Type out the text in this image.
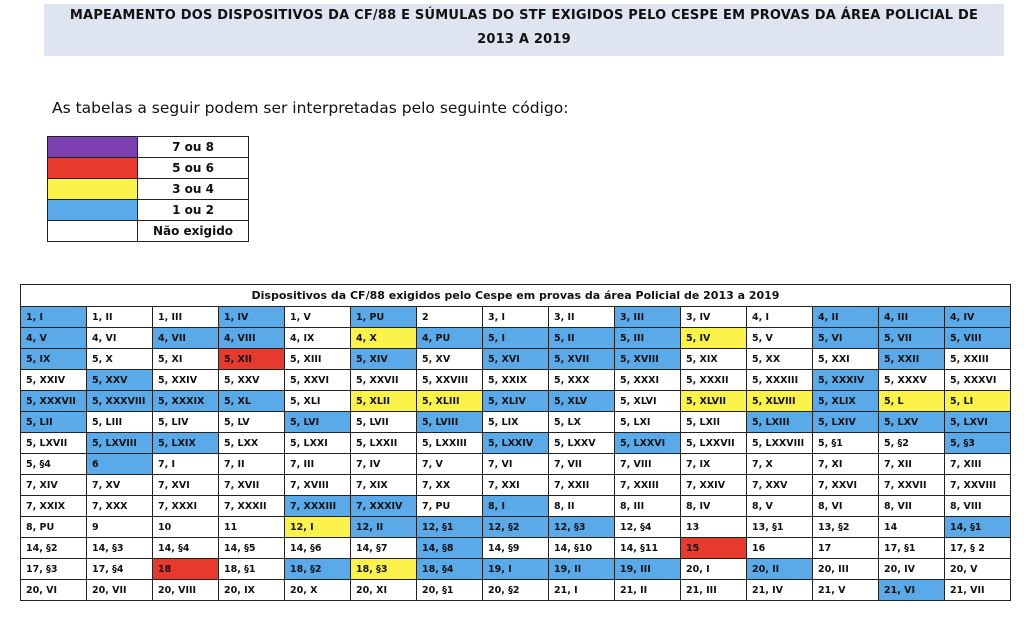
MAPEAMENTO DOS DISPOSITIVOS DA CF/88 E SÚMULAS DO STF EXIGIDOS PELO CESPE EM PROVAS DA ÁREA POLICIAL DE
2013 A 2019
As tabelas a seguir podem ser interpretadas pelo seguinte código:
	7 ou 8
	5 ou 6
	3 ou 4
	1 ou 2
	Não exigido
Dispositivos da CF/88 exigidos pelo Cespe em provas da área Policial de 2013 a 2019														
1, I	1, II	1, III	1, IV	1, V	1, PU	2	3, I	3, II	3, III	3, IV	4, I	4, II	4, III	4, IV
4, V	4, VI	4, VII	4, VIII	4, IX	4, X	4, PU	5, I	5, II	5, III	5, IV	5, V	5, VI	5, VII	5, VIII
5, IX	5, X	5, XI	5, XII	5, XIII	5, XIV	5, XV	5, XVI	5, XVII	5, XVIII	5, XIX	5, XX	5, XXI	5, XXII	5, XXIII
5, XXIV	5, XXV	5, XXIV	5, XXV	5, XXVI	5, XXVII	5, XXVIII	5, XXIX	5, XXX	5, XXXI	5, XXXII	5, XXXIII	5, XXXIV	5, XXXV	5, XXXVI
5, XXXVII	5, XXXVIII	5, XXXIX	5, XL	5, XLI	5, XLII	5, XLIII	5, XLIV	5, XLV	5, XLVI	5, XLVII	5, XLVIII	5, XLIX	5, L	5, LI
5, LII	5, LIII	5, LIV	5, LV	5, LVI	5, LVII	5, LVIII	5, LIX	5, LX	5, LXI	5, LXII	5, LXIII	5, LXIV	5, LXV	5, LXVI
5, LXVII	5, LXVIII	5, LXIX	5, LXX	5, LXXI	5, LXXII	5, LXXIII	5, LXXIV	5, LXXV	5, LXXVI	5, LXXVII	5, LXXVIII	5, §1	5, §2	5, §3
5, §4	6	7, I	7, II	7, III	7, IV	7, V	7, VI	7, VII	7, VIII	7, IX	7, X	7, XI	7, XII	7, XIII
7, XIV	7, XV	7, XVI	7, XVII	7, XVIII	7, XIX	7, XX	7, XXI	7, XXII	7, XXIII	7, XXIV	7, XXV	7, XXVI	7, XXVII	7, XXVIII
7, XXIX	7, XXX	7, XXXI	7, XXXII	7, XXXIII	7, XXXIV	7, PU	8, I	8, II	8, III	8, IV	8, V	8, VI	8, VII	8, VIII
8, PU	9	10	11	12, I	12, II	12, §1	12, §2	12, §3	12, §4	13	13, §1	13, §2	14	14, §1
14, §2	14, §3	14, §4	14, §5	14, §6	14, §7	14, §8	14, §9	14, §10	14, §11	15	16	17	17, §1	17, § 2
17, §3	17, §4	18	18, §1	18, §2	18, §3	18, §4	19, I	19, II	19, III	20, I	20, II	20, III	20, IV	20, V
20, VI	20, VII	20, VIII	20, IX	20, X	20, XI	20, §1	20, §2	21, I	21, II	21, III	21, IV	21, V	21, VI	21, VII
